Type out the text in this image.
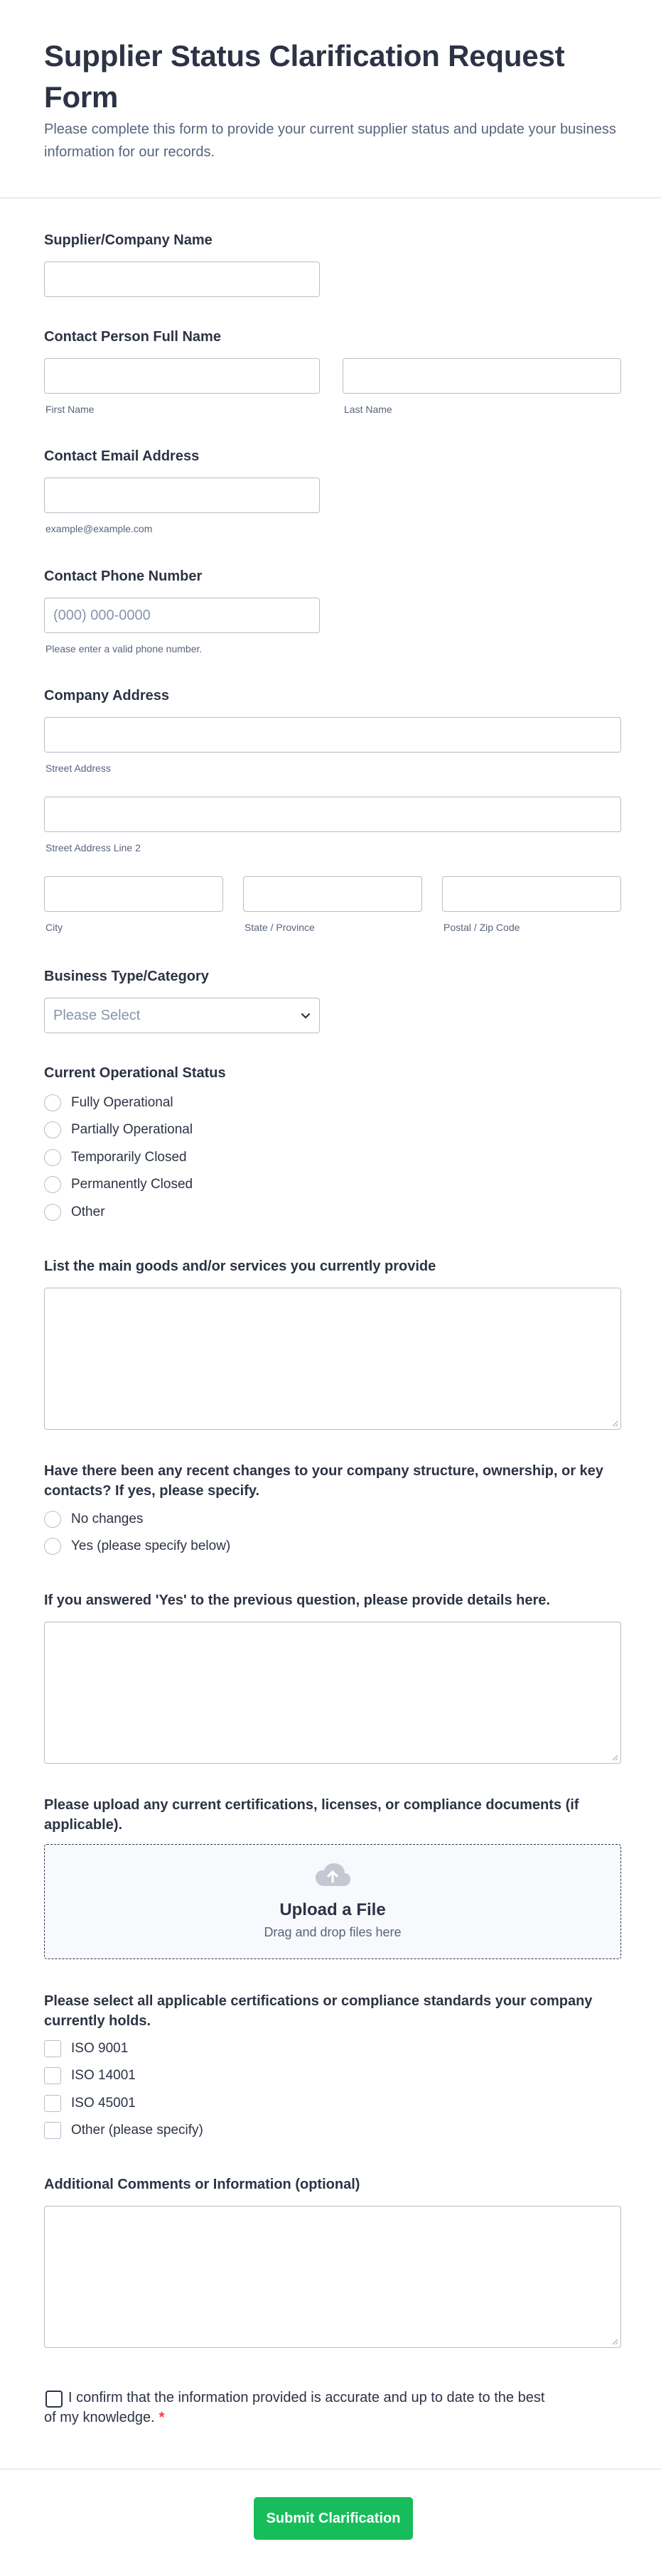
Supplier Status Clarification Request Form
Please complete this form to provide your current supplier status and update your business information for our records.
Supplier/Company Name
Contact Person Full Name
First Name	Last Name
Contact Email Address
example@example.com
Contact Phone Number
(000) 000-0000
Please enter a valid phone number.
Company Address
Street Address
Street Address Line 2
City	State / Province	Postal / Zip Code
Business Type/Category
Please Select
Current Operational Status
Fully Operational
Partially Operational
Temporarily Closed
Permanently Closed
Other
List the main goods and/or services you currently provide
Have there been any recent changes to your company structure, ownership, or key contacts? If yes, please specify.
No changes
Yes (please specify below)
If you answered 'Yes' to the previous question, please provide details here.
Please upload any current certifications, licenses, or compliance documents (if applicable).
Upload a File
Drag and drop files here
Please select all applicable certifications or compliance standards your company currently holds.
ISO 9001
ISO 14001
ISO 45001
Other (please specify)
Additional Comments or Information (optional)
I confirm that the information provided is accurate and up to date to the best of my knowledge. *
Submit Clarification
